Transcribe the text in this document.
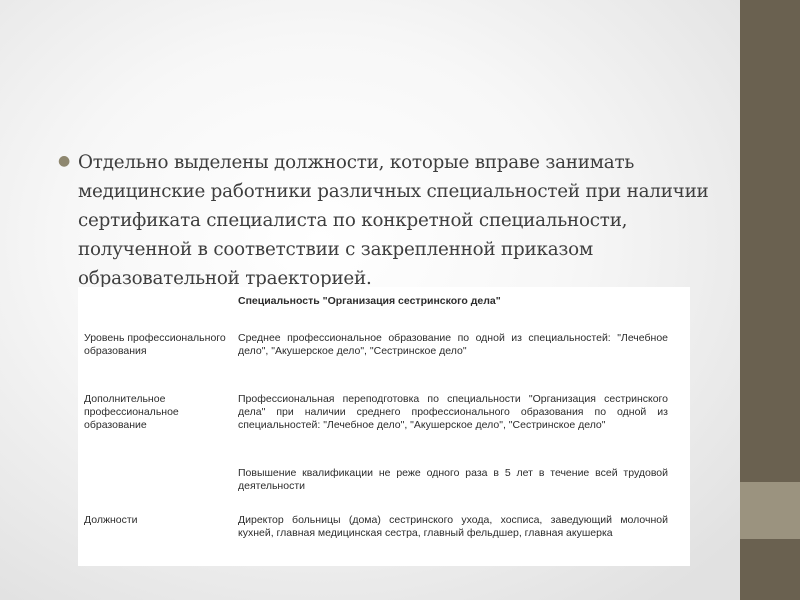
● Отдельно выделены должности, которые вправе занимать медицинские работники различных специальностей при наличии сертификата специалиста по конкретной специальности, полученной в соответствии с закрепленной приказом образовательной траекторией.

Специальность "Организация сестринского дела"
Уровень профессионального образования
Среднее профессиональное образование по одной из специальностей: "Лечебное дело", "Акушерское дело", "Сестринское дело"
Дополнительное профессиональное образование
Профессиональная переподготовка по специальности "Организация сестринского дела" при наличии среднего профессионального образования по одной из специальностей: "Лечебное дело", "Акушерское дело", "Сестринское дело"
Повышение квалификации не реже одного раза в 5 лет в течение всей трудовой деятельности
Должности	Директор больницы (дома) сестринского ухода, хосписа, заведующий молочной кухней, главная медицинская сестра, главный фельдшер, главная акушерка
